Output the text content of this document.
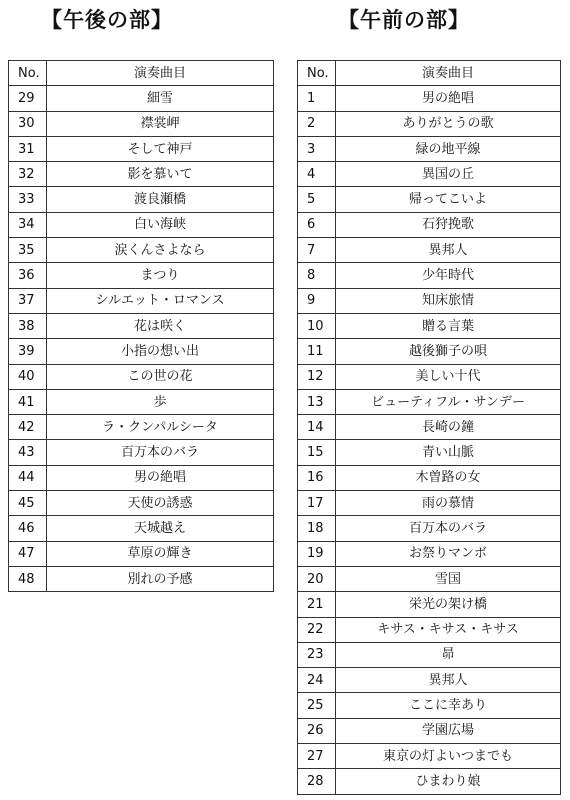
【午後の部】
No.	演奏曲目
29	細雪
30	襟裳岬
31	そして神戸
32	影を慕いて
33	渡良瀬橋
34	白い海峡
35	涙くんさよなら
36	まつり
37	シルエット・ロマンス
38	花は咲く
39	小指の想い出
40	この世の花
41	歩
42	ラ・クンパルシータ
43	百万本のバラ
44	男の絶唱
45	天使の誘惑
46	天城越え
47	草原の輝き
48	別れの予感
【午前の部】
No.	演奏曲目
1	男の絶唱
2	ありがとうの歌
3	緑の地平線
4	異国の丘
5	帰ってこいよ
6	石狩挽歌
7	異邦人
8	少年時代
9	知床旅情
10	贈る言葉
11	越後獅子の唄
12	美しい十代
13	ビューティフル・サンデー
14	長崎の鐘
15	青い山脈
16	木曽路の女
17	雨の慕情
18	百万本のバラ
19	お祭りマンボ
20	雪国
21	栄光の架け橋
22	キサス・キサス・キサス
23	昴
24	異邦人
25	ここに幸あり
26	学園広場
27	東京の灯よいつまでも
28	ひまわり娘
